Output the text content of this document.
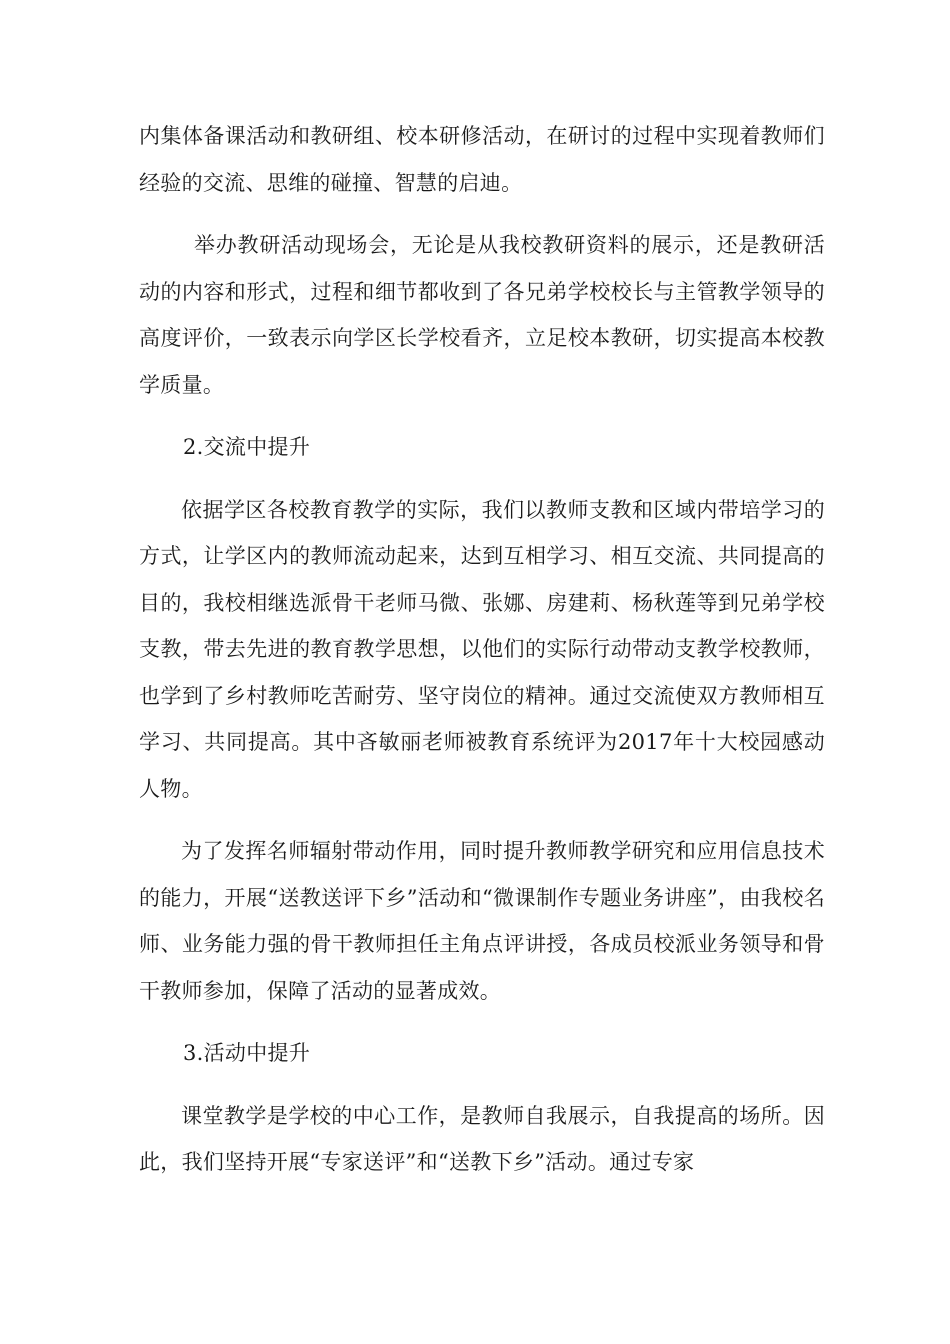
内集体备课活动和教研组、校本研修活动，在研讨的过程中实现着教师们经验的交流、思维的碰撞、智慧的启迪。

举办教研活动现场会，无论是从我校教研资料的展示，还是教研活动的内容和形式，过程和细节都收到了各兄弟学校校长与主管教学领导的高度评价，一致表示向学区长学校看齐，立足校本教研，切实提高本校教学质量。

2.交流中提升

依据学区各校教育教学的实际，我们以教师支教和区域内带培学习的方式，让学区内的教师流动起来，达到互相学习、相互交流、共同提高的目的，我校相继选派骨干老师马微、张娜、房建莉、杨秋莲等到兄弟学校支教，带去先进的教育教学思想，以他们的实际行动带动支教学校教师，也学到了乡村教师吃苦耐劳、坚守岗位的精神。通过交流使双方教师相互学习、共同提高。其中吝敏丽老师被教育系统评为2017年十大校园感动人物。

为了发挥名师辐射带动作用，同时提升教师教学研究和应用信息技术的能力，开展“送教送评下乡”活动和“微课制作专题业务讲座”，由我校名师、业务能力强的骨干教师担任主角点评讲授，各成员校派业务领导和骨干教师参加，保障了活动的显著成效。

3.活动中提升

课堂教学是学校的中心工作，是教师自我展示，自我提高的场所。因此，我们坚持开展“专家送评”和“送教下乡”活动。通过专家
